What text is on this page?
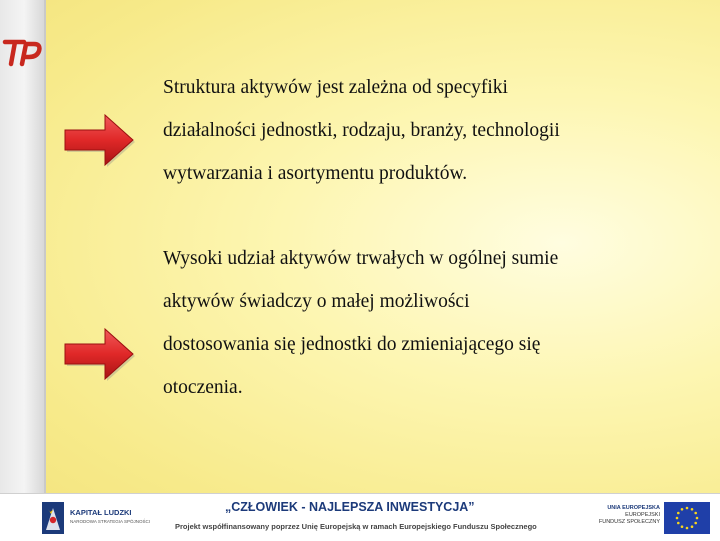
Struktura aktywów jest zależna od specyfiki
działalności jednostki, rodzaju, branży, technologii
wytwarzania i asortymentu produktów.
Wysoki udział aktywów trwałych w ogólnej sumie
aktywów świadczy o małej możliwości
dostosowania się jednostki do zmieniającego się
otoczenia.
KAPITAŁ LUDZKI
NARODOWA STRATEGIA SPÓJNOŚCI
„CZŁOWIEK - NAJLEPSZA INWESTYCJA”
Projekt współfinansowany poprzez Unię Europejską w ramach Europejskiego Funduszu Społecznego
UNIA EUROPEJSKA
EUROPEJSKI
FUNDUSZ SPOŁECZNY
